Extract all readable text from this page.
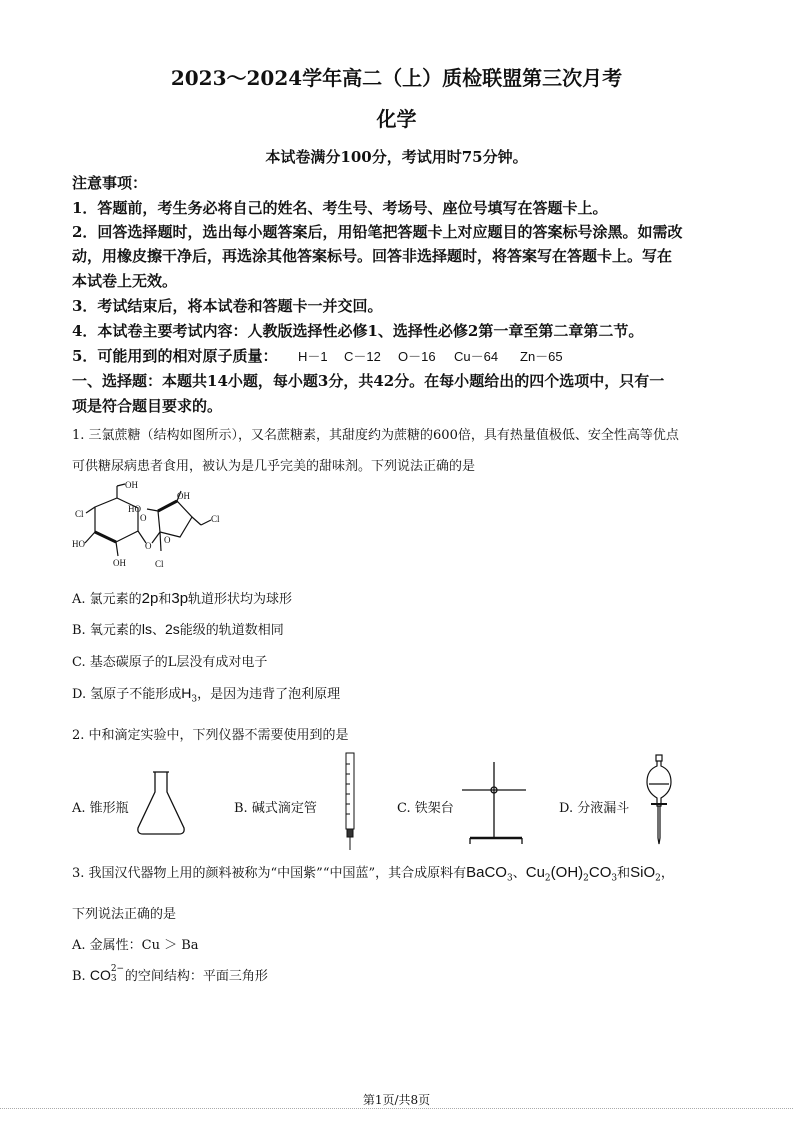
2023～2024学年高二（上）质检联盟第三次月考
化学
本试卷满分100分，考试用时75分钟。
注意事项：
1．答题前，考生务必将自己的姓名、考生号、考场号、座位号填写在答题卡上。
2．回答选择题时，选出每小题答案后，用铅笔把答题卡上对应题目的答案标号涂黑。如需改
动，用橡皮擦干净后，再选涂其他答案标号。回答非选择题时，将答案写在答题卡上。写在
本试卷上无效。
3．考试结束后，将本试卷和答题卡一并交回。
4．本试卷主要考试内容：人教版选择性必修1、选择性必修2第一章至第二章第二节。
5．可能用到的相对原子质量： H－1 C－12 O－16 Cu－64 Zn－65
一、选择题：本题共14小题，每小题3分，共42分。在每小题给出的四个选项中，只有一
项是符合题目要求的。
1. 三氯蔗糖（结构如图所示），又名蔗糖素，其甜度约为蔗糖的600倍，具有热量值极低、安全性高等优点
可供糖尿病患者食用，被认为是几乎完美的甜味剂。下列说法正确的是
OH
Cl
HO
OH
O
O
HO
OH
O
Cl
Cl
A. 氯元素的2p和3p轨道形状均为球形
B. 氧元素的ls、2s能级的轨道数相同
C. 基态碳原子的L层没有成对电子
D. 氢原子不能形成$H_3$，是因为违背了泡利原理
2. 中和滴定实验中，下列仪器不需要使用到的是
A. 锥形瓶	B. 碱式滴定管	C. 铁架台	D. 分液漏斗
3. 我国汉代器物上用的颜料被称为“中国紫”“中国蓝”，其合成原料有BaCO$_3$、$Cu_2(OH)_2CO_3$和SiO$_2$，
下列说法正确的是
A. 金属性：Cu ＞ Ba
B. CO 2−
3 的空间结构：平面三角形
第1页/共8页
